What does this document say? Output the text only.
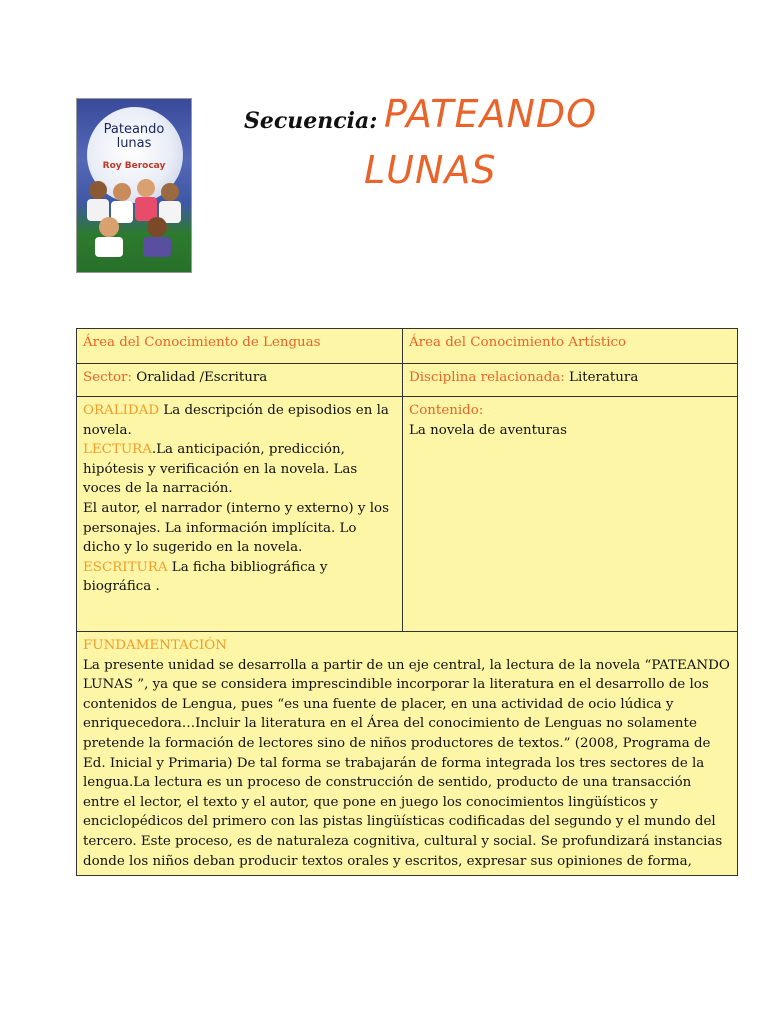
Pateando
lunas
Roy Berocay
Secuencia: PATEANDO
LUNAS
Área del Conocimiento de Lenguas	Área del Conocimiento Artístico
Sector: Oralidad /Escritura	Disciplina relacionada: Literatura
ORALIDAD La descripción de episodios en la novela.
LECTURA.La anticipación, predicción, hipótesis y verificación en la novela. Las voces de la narración.
El autor, el narrador (interno y externo) y los personajes. La información implícita. Lo dicho y lo sugerido en la novela.
ESCRITURA La ficha bibliográfica y biográfica .	Contenido:
La novela de aventuras

FUNDAMENTACIÓN
La presente unidad se desarrolla a partir de un eje central, la lectura de la novela “PATEANDO LUNAS ”, ya que se considera imprescindible incorporar la literatura en el desarrollo de los contenidos de Lengua, pues “es una fuente de placer, en una actividad de ocio lúdica y enriquecedora…Incluir la literatura en el Área del conocimiento de Lenguas no solamente pretende la formación de lectores sino de niños productores de textos.” (2008, Programa de Ed. Inicial y Primaria) De tal forma se trabajarán de forma integrada los tres sectores de la lengua.La lectura es un proceso de construcción de sentido, producto de una transacción entre el lector, el texto y el autor, que pone en juego los conocimientos lingüísticos y enciclopédicos del primero con las pistas lingüísticas codificadas del segundo y el mundo del tercero. Este proceso, es de naturaleza cognitiva, cultural y social. Se profundizará instancias donde los niños deban producir textos orales y escritos, expresar sus opiniones de forma,	
